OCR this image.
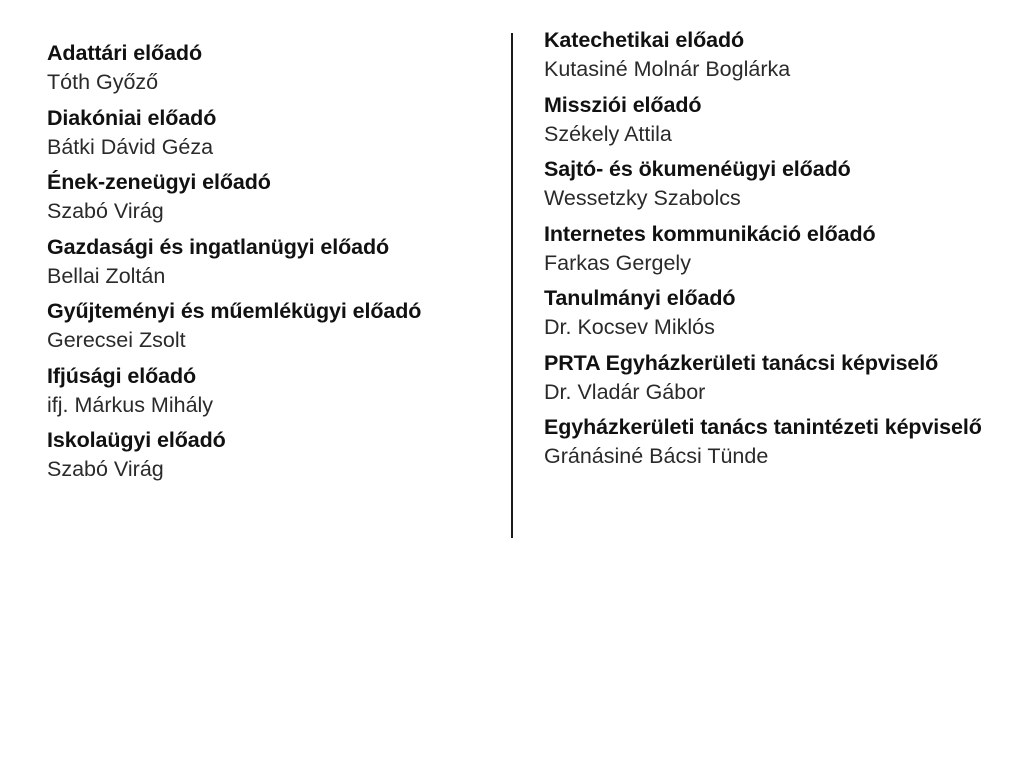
Adattári előadó
Tóth Győző
Diakóniai előadó
Bátki Dávid Géza
Ének-zeneügyi előadó
Szabó Virág
Gazdasági és ingatlanügyi előadó
Bellai Zoltán
Gyűjteményi és műemlékügyi előadó
Gerecsei Zsolt
Ifjúsági előadó
ifj. Márkus Mihály
Iskolaügyi előadó
Szabó Virág
Katechetikai előadó
Kutasiné Molnár Boglárka
Missziói előadó
Székely Attila
Sajtó- és ökumenéügyi előadó
Wessetzky Szabolcs
Internetes kommunikáció előadó
Farkas Gergely
Tanulmányi előadó
Dr. Kocsev Miklós
PRTA Egyházkerületi tanácsi képviselő
Dr. Vladár Gábor
Egyházkerületi tanács tanintézeti képviselő
Gránásiné Bácsi Tünde
